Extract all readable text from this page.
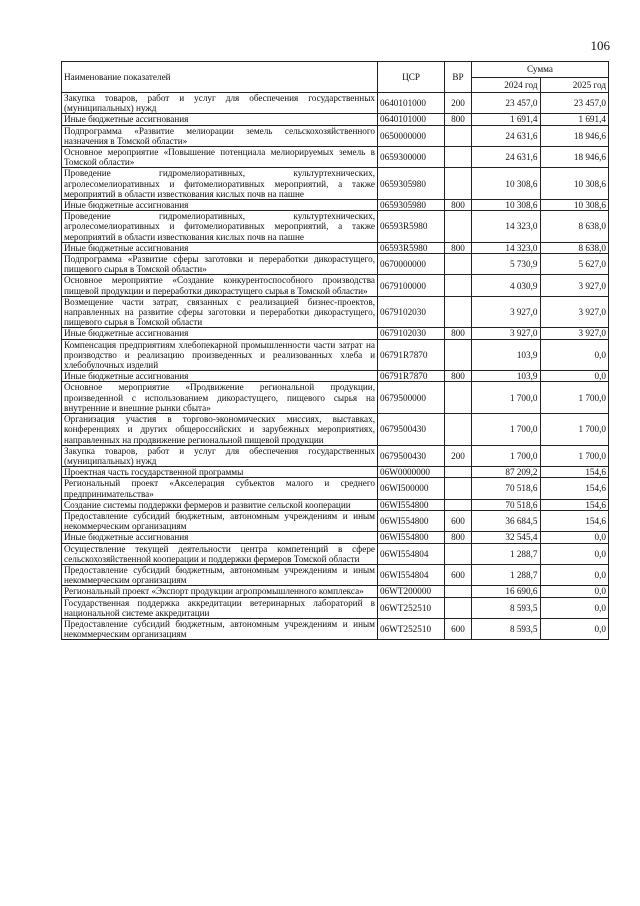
106
Наименование показателей	ЦСР	ВР	Сумма	
			2024 год	2025 год
Закупка товаров, работ и услуг для обеспечения государственных (муниципальных) нужд	0640101000	200	23 457,0	23 457,0
Иные бюджетные ассигнования	0640101000	800	1 691,4	1 691,4
Подпрограмма «Развитие мелиорации земель сельскохозяйственного назначения в Томской области»	0650000000		24 631,6	18 946,6
Основное мероприятие «Повышение потенциала мелиорируемых земель в Томской области»	0659300000		24 631,6	18 946,6
Проведение гидромелиоративных, культуртехнических, агролесомелиоративных и фитомелиоративных мероприятий, а также мероприятий в области известкования кислых почв на пашне	0659305980		10 308,6	10 308,6
Иные бюджетные ассигнования	0659305980	800	10 308,6	10 308,6
Проведение гидромелиоративных, культуртехнических, агролесомелиоративных и фитомелиоративных мероприятий, а также мероприятий в области известкования кислых почв на пашне	06593R5980		14 323,0	8 638,0
Иные бюджетные ассигнования	06593R5980	800	14 323,0	8 638,0
Подпрограмма «Развитие сферы заготовки и переработки дикорастущего, пищевого сырья в Томской области»	0670000000		5 730,9	5 627,0
Основное мероприятие «Создание конкурентоспособного производства пищевой продукции и переработки дикорастущего сырья в Томской области»	0679100000		4 030,9	3 927,0
Возмещение части затрат, связанных с реализацией бизнес-проектов, направленных на развитие сферы заготовки и переработки дикорастущего, пищевого сырья в Томской области	0679102030		3 927,0	3 927,0
Иные бюджетные ассигнования	0679102030	800	3 927,0	3 927,0
Компенсация предприятиям хлебопекарной промышленности части затрат на производство и реализацию произведенных и реализованных хлеба и хлебобулочных изделий	06791R7870		103,9	0,0
Иные бюджетные ассигнования	06791R7870	800	103,9	0,0
Основное мероприятие «Продвижение региональной продукции, произведенной с использованием дикорастущего, пищевого сырья на внутренние и внешние рынки сбыта»	0679500000		1 700,0	1 700,0
Организация участия в торгово-экономических миссиях, выставках, конференциях и других общероссийских и зарубежных мероприятиях, направленных на продвижение региональной пищевой продукции	0679500430		1 700,0	1 700,0
Закупка товаров, работ и услуг для обеспечения государственных (муниципальных) нужд	0679500430	200	1 700,0	1 700,0
Проектная часть государственной программы	06W0000000		87 209,2	154,6
Региональный проект «Акселерация субъектов малого и среднего предпринимательства»	06WI500000		70 518,6	154,6
Создание системы поддержки фермеров и развитие сельской кооперации	06WI554800		70 518,6	154,6
Предоставление субсидий бюджетным, автономным учреждениям и иным некоммерческим организациям	06WI554800	600	36 684,5	154,6
Иные бюджетные ассигнования	06WI554800	800	32 545,4	0,0
Осуществление текущей деятельности центра компетенций в сфере сельскохозяйственной кооперации и поддержки фермеров Томской области	06WI554804		1 288,7	0,0
Предоставление субсидий бюджетным, автономным учреждениям и иным некоммерческим организациям	06WI554804	600	1 288,7	0,0
Региональный проект «Экспорт продукции агропромышленного комплекса»	06WT200000		16 690,6	0,0
Государственная поддержка аккредитации ветеринарных лабораторий в национальной системе аккредитации	06WT252510		8 593,5	0,0
Предоставление субсидий бюджетным, автономным учреждениям и иным некоммерческим организациям	06WT252510	600	8 593,5	0,0
